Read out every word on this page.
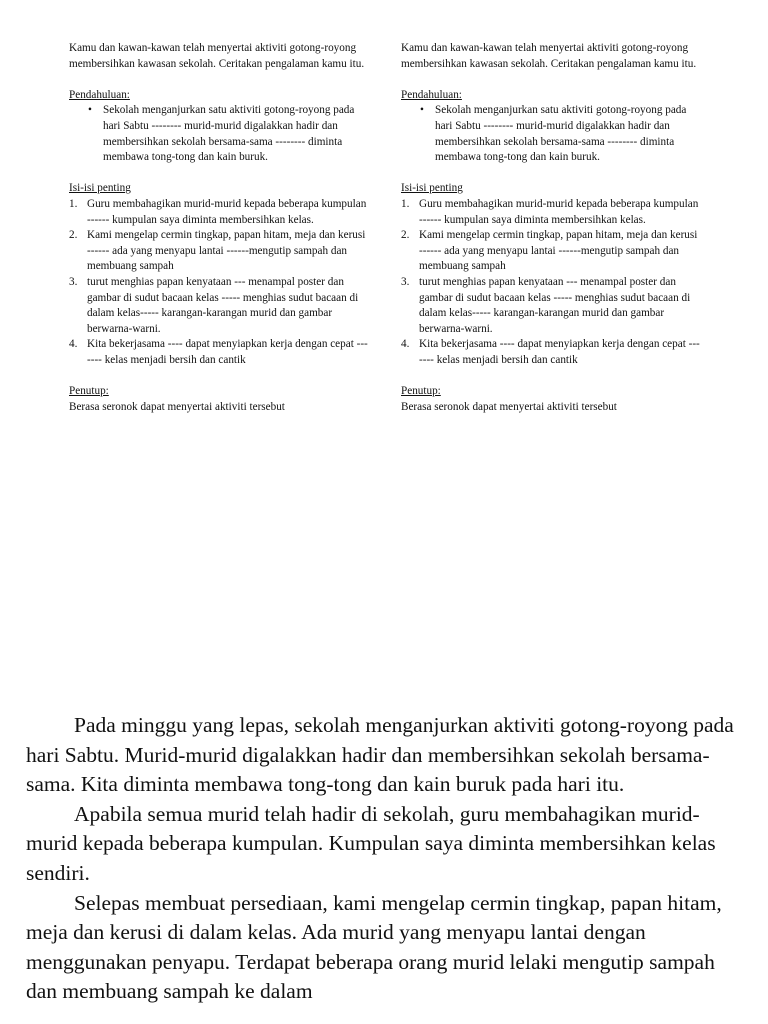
Kamu dan kawan-kawan telah menyertai aktiviti gotong-royong membersihkan kawasan sekolah. Ceritakan pengalaman kamu itu.

Pendahuluan:

• Sekolah menganjurkan satu aktiviti gotong-royong pada hari Sabtu -------- murid-murid digalakkan hadir dan membersihkan sekolah bersama-sama -------- diminta membawa tong-tong dan kain buruk.

Isi-isi penting

1. Guru membahagikan murid-murid kepada beberapa kumpulan ------ kumpulan saya diminta membersihkan kelas.
2. Kami mengelap cermin tingkap, papan hitam, meja dan kerusi ------ ada yang menyapu lantai ------mengutip sampah dan membuang sampah
3. turut menghias papan kenyataan --- menampal poster dan gambar di sudut bacaan kelas ----- menghias sudut bacaan di dalam kelas----- karangan-karangan murid dan gambar berwarna-warni.
4. Kita bekerjasama ---- dapat menyiapkan kerja dengan cepat ------- kelas menjadi bersih dan cantik

Penutup:

Berasa seronok dapat menyertai aktiviti tersebut

Kamu dan kawan-kawan telah menyertai aktiviti gotong-royong membersihkan kawasan sekolah. Ceritakan pengalaman kamu itu.

Pendahuluan:

• Sekolah menganjurkan satu aktiviti gotong-royong pada hari Sabtu -------- murid-murid digalakkan hadir dan membersihkan sekolah bersama-sama -------- diminta membawa tong-tong dan kain buruk.

Isi-isi penting

1. Guru membahagikan murid-murid kepada beberapa kumpulan ------ kumpulan saya diminta membersihkan kelas.
2. Kami mengelap cermin tingkap, papan hitam, meja dan kerusi ------ ada yang menyapu lantai ------mengutip sampah dan membuang sampah
3. turut menghias papan kenyataan --- menampal poster dan gambar di sudut bacaan kelas ----- menghias sudut bacaan di dalam kelas----- karangan-karangan murid dan gambar berwarna-warni.
4. Kita bekerjasama ---- dapat menyiapkan kerja dengan cepat ------- kelas menjadi bersih dan cantik

Penutup:

Berasa seronok dapat menyertai aktiviti tersebut

Pada minggu yang lepas, sekolah menganjurkan aktiviti gotong-royong pada hari Sabtu. Murid-murid digalakkan hadir dan membersihkan sekolah bersama-sama. Kita diminta membawa tong-tong dan kain buruk pada hari itu.

Apabila semua murid telah hadir di sekolah, guru membahagikan murid-murid kepada beberapa kumpulan. Kumpulan saya diminta membersihkan kelas sendiri.

Selepas membuat persediaan, kami mengelap cermin tingkap, papan hitam, meja dan kerusi di dalam kelas. Ada murid yang menyapu lantai dengan menggunakan penyapu. Terdapat beberapa orang murid lelaki mengutip sampah dan membuang sampah ke dalam
